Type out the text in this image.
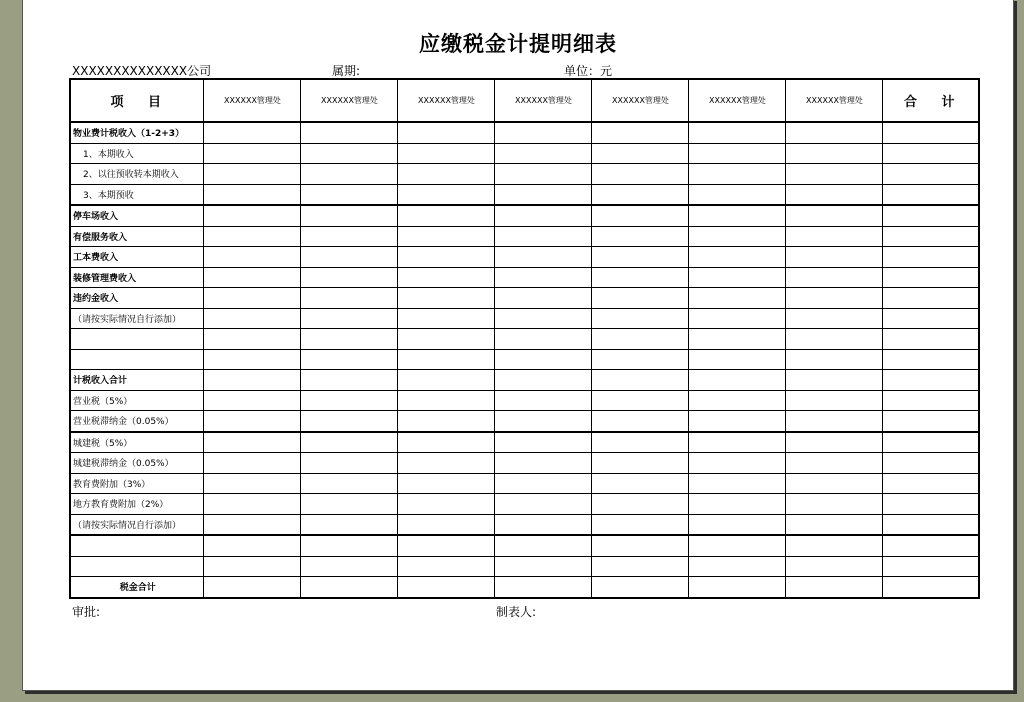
应缴税金计提明细表
XXXXXXXXXXXXXX公司	属期:	单位：元
项 目	XXXXXX管理处	XXXXXX管理处	XXXXXX管理处	XXXXXX管理处	XXXXXX管理处	XXXXXX管理处	XXXXXX管理处	合 计
物业费计税收入（1-2+3）								
1、本期收入								
2、以往预收转本期收入								
3、本期预收								
停车场收入								
有偿服务收入								
工本费收入								
装修管理费收入								
违约金收入								
（请按实际情况自行添加）								

计税收入合计								
营业税（5%）								
营业税滞纳金（0.05%）								
城建税（5%）								
城建税滞纳金（0.05%）								
教育费附加（3%）								
地方教育费附加（2%）								
（请按实际情况自行添加）								

税金合计								
审批:	制表人:
